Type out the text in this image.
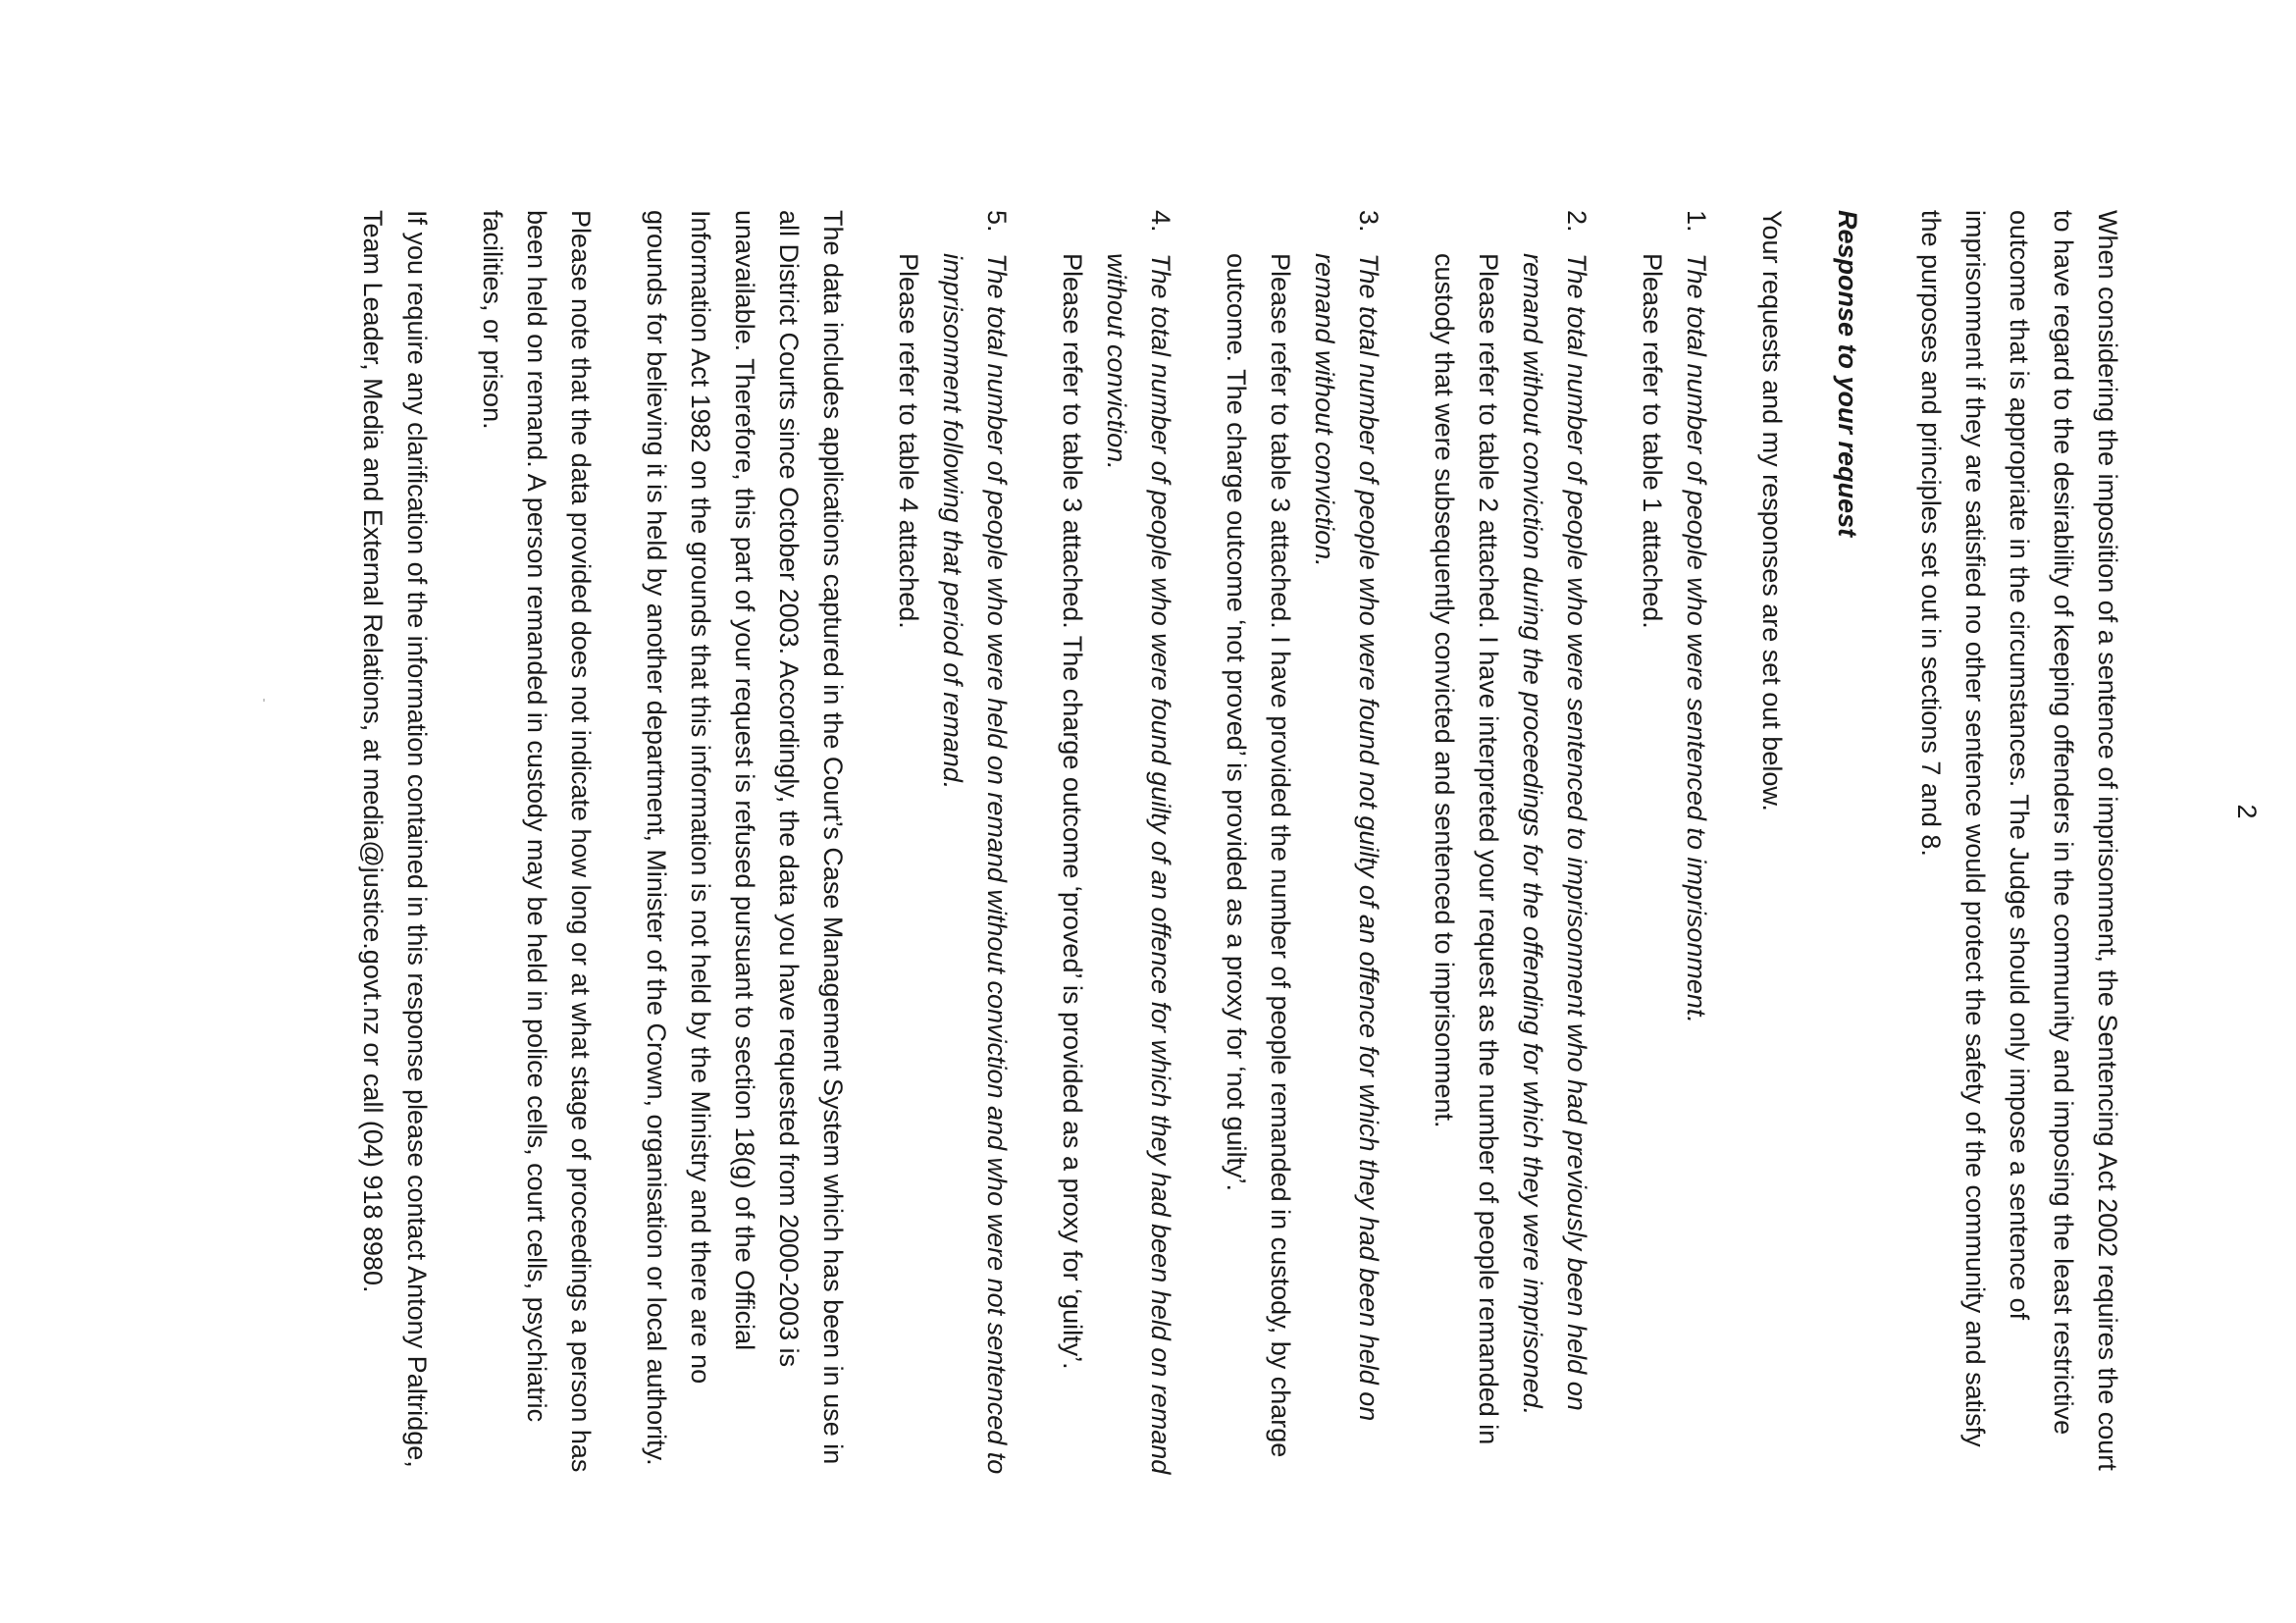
2

When considering the imposition of a sentence of imprisonment, the Sentencing Act 2002 requires the court to have regard to the desirability of keeping offenders in the community and imposing the least restrictive outcome that is appropriate in the circumstances. The Judge should only impose a sentence of imprisonment if they are satisfied no other sentence would protect the safety of the community and satisfy the purposes and principles set out in sections 7 and 8.

Response to your request

Your requests and my responses are set out below.

1.
The total number of people who were sentenced to imprisonment.
Please refer to table 1 attached.
2.
The total number of people who were sentenced to imprisonment who had previously been held on remand without conviction during the proceedings for the offending for which they were imprisoned.
Please refer to table 2 attached. I have interpreted your request as the number of people remanded in custody that were subsequently convicted and sentenced to imprisonment.
3.
The total number of people who were found not guilty of an offence for which they had been held on remand without conviction.
Please refer to table 3 attached. I have provided the number of people remanded in custody, by charge outcome. The charge outcome ‘not proved’ is provided as a proxy for ‘not guilty’.
4.
The total number of people who were found guilty of an offence for which they had been held on remand without conviction.
Please refer to table 3 attached. The charge outcome ‘proved’ is provided as a proxy for ‘guilty’.
5.
The total number of people who were held on remand without conviction and who were not sentenced to imprisonment following that period of remand.
Please refer to table 4 attached.

The data includes applications captured in the Court’s Case Management System which has been in use in all District Courts since October 2003. Accordingly, the data you have requested from 2000-2003 is unavailable. Therefore, this part of your request is refused pursuant to section 18(g) of the Official Information Act 1982 on the grounds that this information is not held by the Ministry and there are no grounds for believing it is held by another department, Minister of the Crown, organisation or local authority.

Please note that the data provided does not indicate how long or at what stage of proceedings a person has been held on remand. A person remanded in custody may be held in police cells, court cells, psychiatric facilities, or prison.

If you require any clarification of the information contained in this response please contact Antony Paltridge, Team Leader, Media and External Relations, at media@justice.govt.nz or call (04) 918 8980.
